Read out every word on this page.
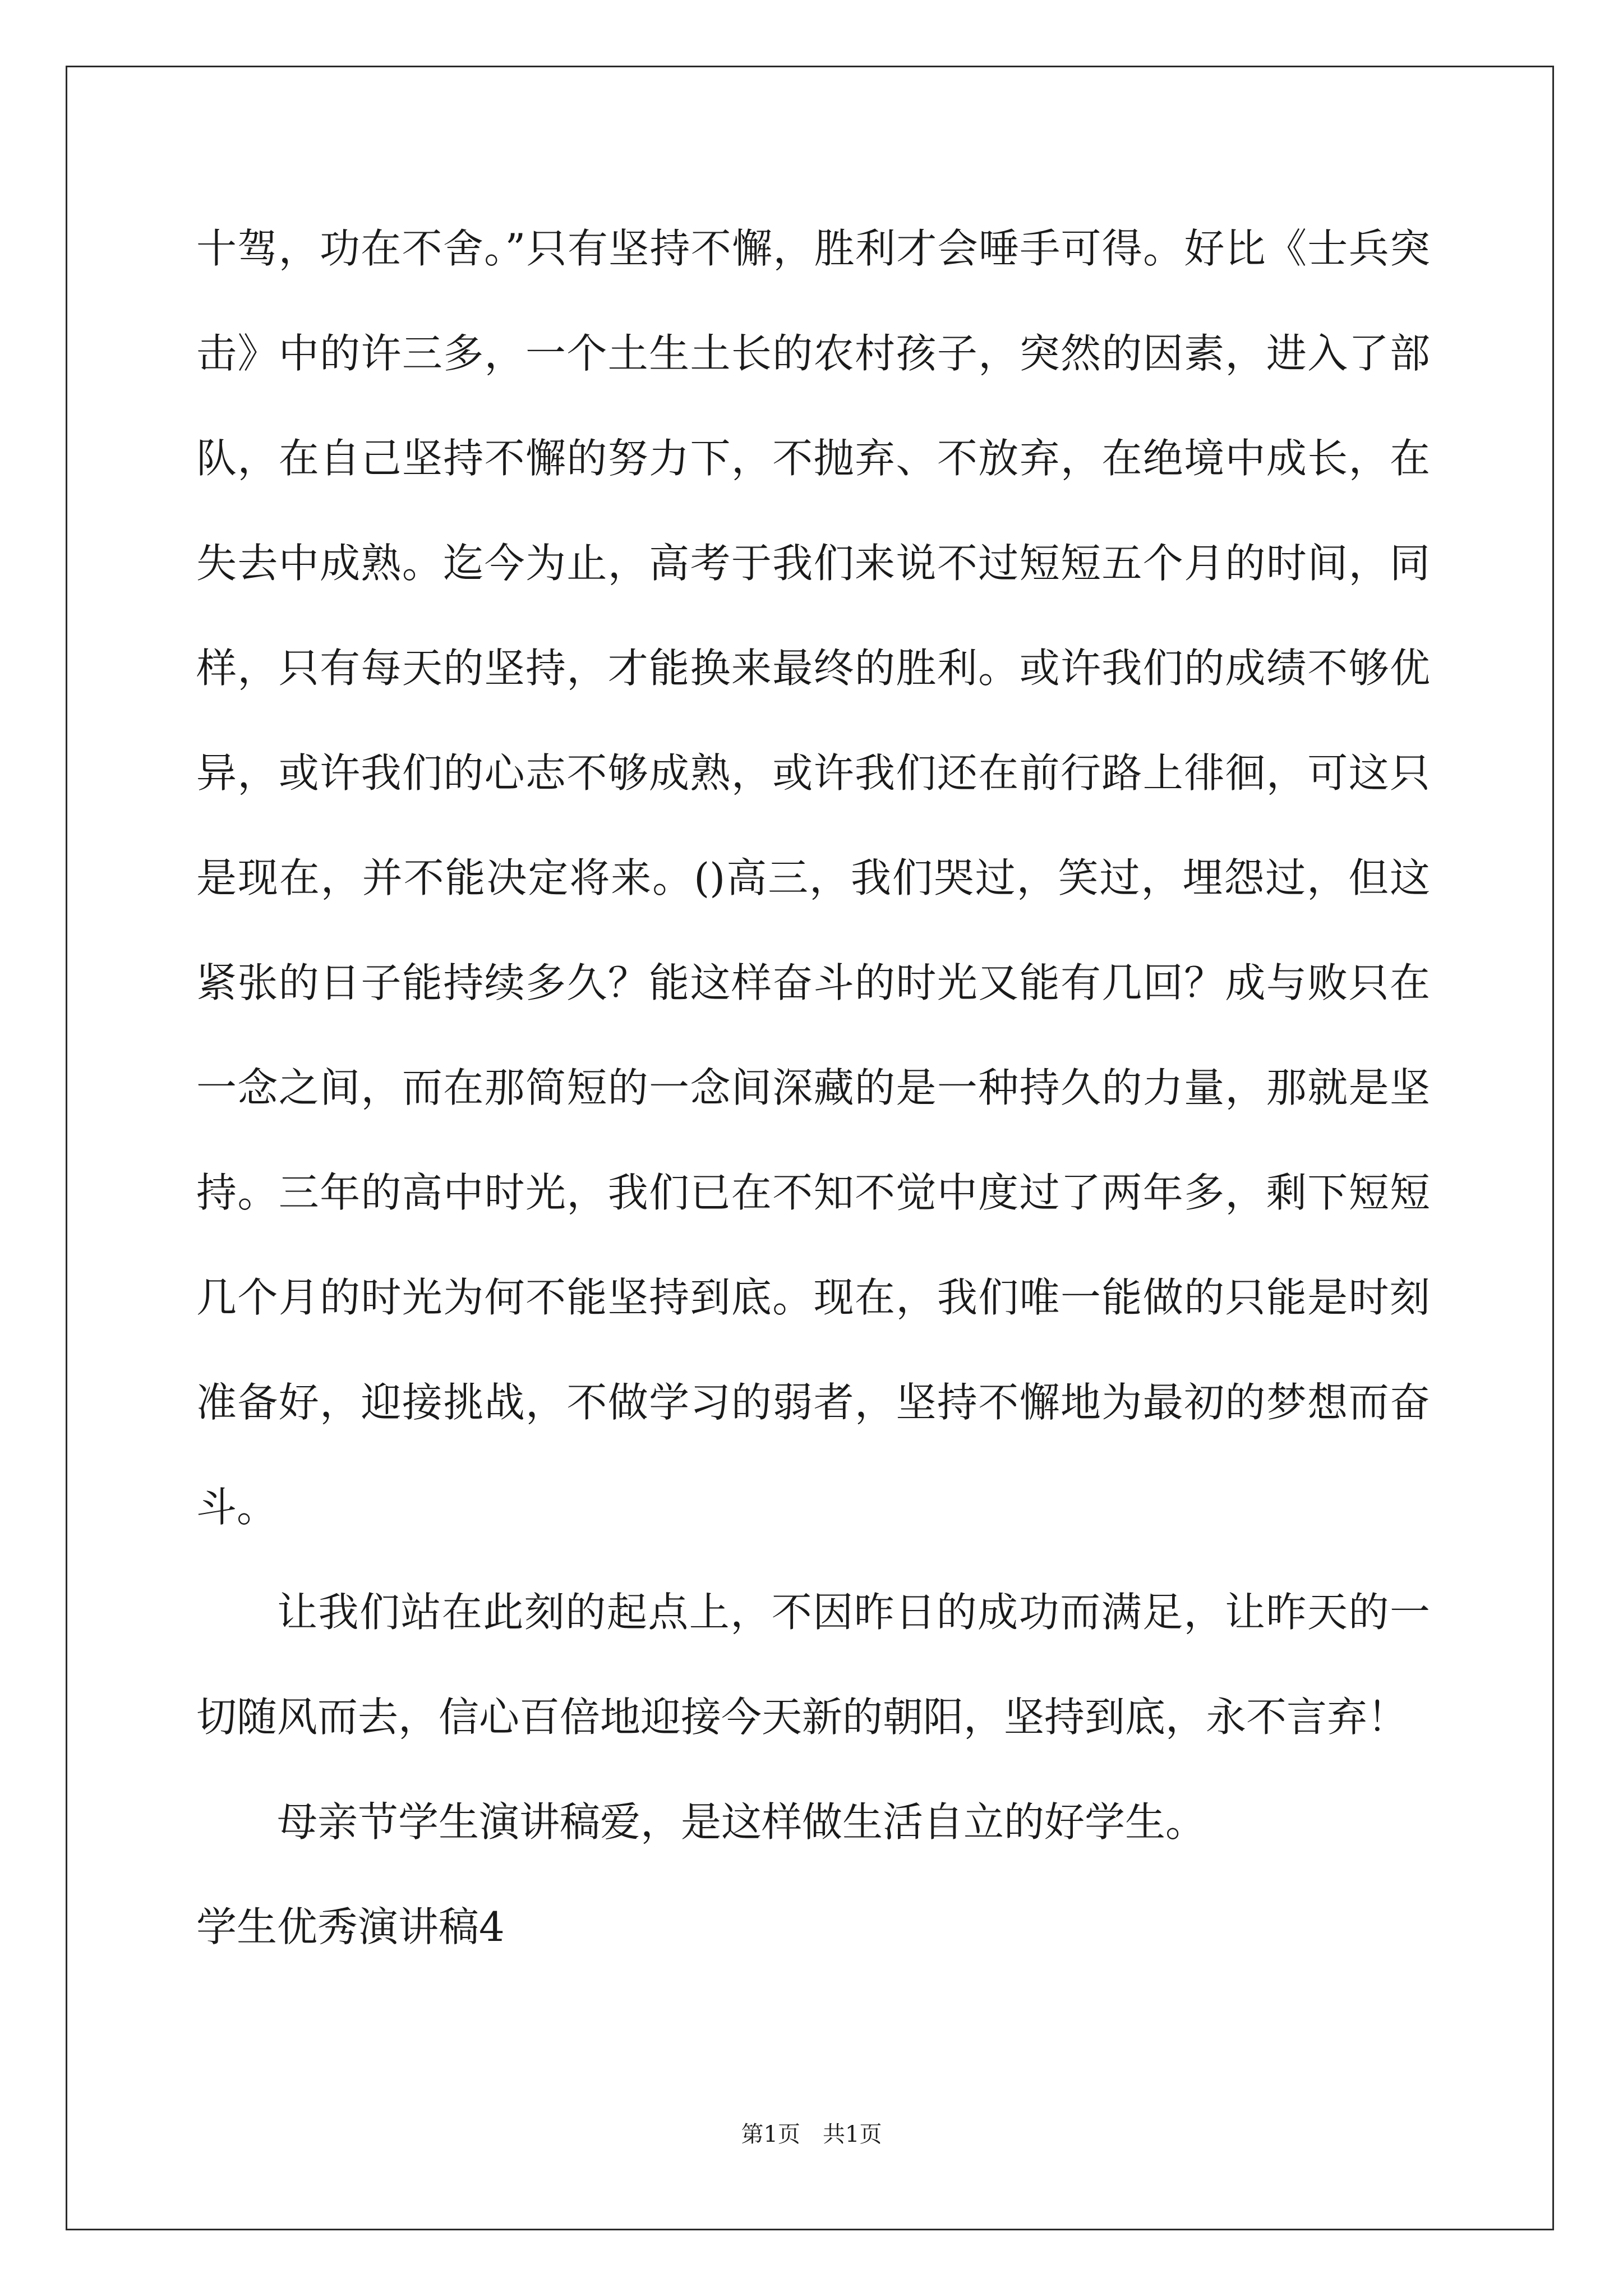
十驾，功在不舍。”只有坚持不懈，胜利才会唾手可得。好比《士兵突击》中的许三多，一个土生土长的农村孩子，突然的因素，进入了部队，在自己坚持不懈的努力下，不抛弃、不放弃，在绝境中成长，在失去中成熟。迄今为止，高考于我们来说不过短短五个月的时间，同样，只有每天的坚持，才能换来最终的胜利。或许我们的成绩不够优异，或许我们的心志不够成熟，或许我们还在前行路上徘徊，可这只是现在，并不能决定将来。()高三，我们哭过，笑过，埋怨过，但这紧张的日子能持续多久？能这样奋斗的时光又能有几回？成与败只在一念之间，而在那简短的一念间深藏的是一种持久的力量，那就是坚持。三年的高中时光，我们已在不知不觉中度过了两年多，剩下短短几个月的时光为何不能坚持到底。现在，我们唯一能做的只能是时刻准备好，迎接挑战，不做学习的弱者，坚持不懈地为最初的梦想而奋斗。

让我们站在此刻的起点上，不因昨日的成功而满足，让昨天的一切随风而去，信心百倍地迎接今天新的朝阳，坚持到底，永不言弃！

母亲节学生演讲稿爱，是这样做生活自立的好学生。

学生优秀演讲稿4

第1页　共1页
